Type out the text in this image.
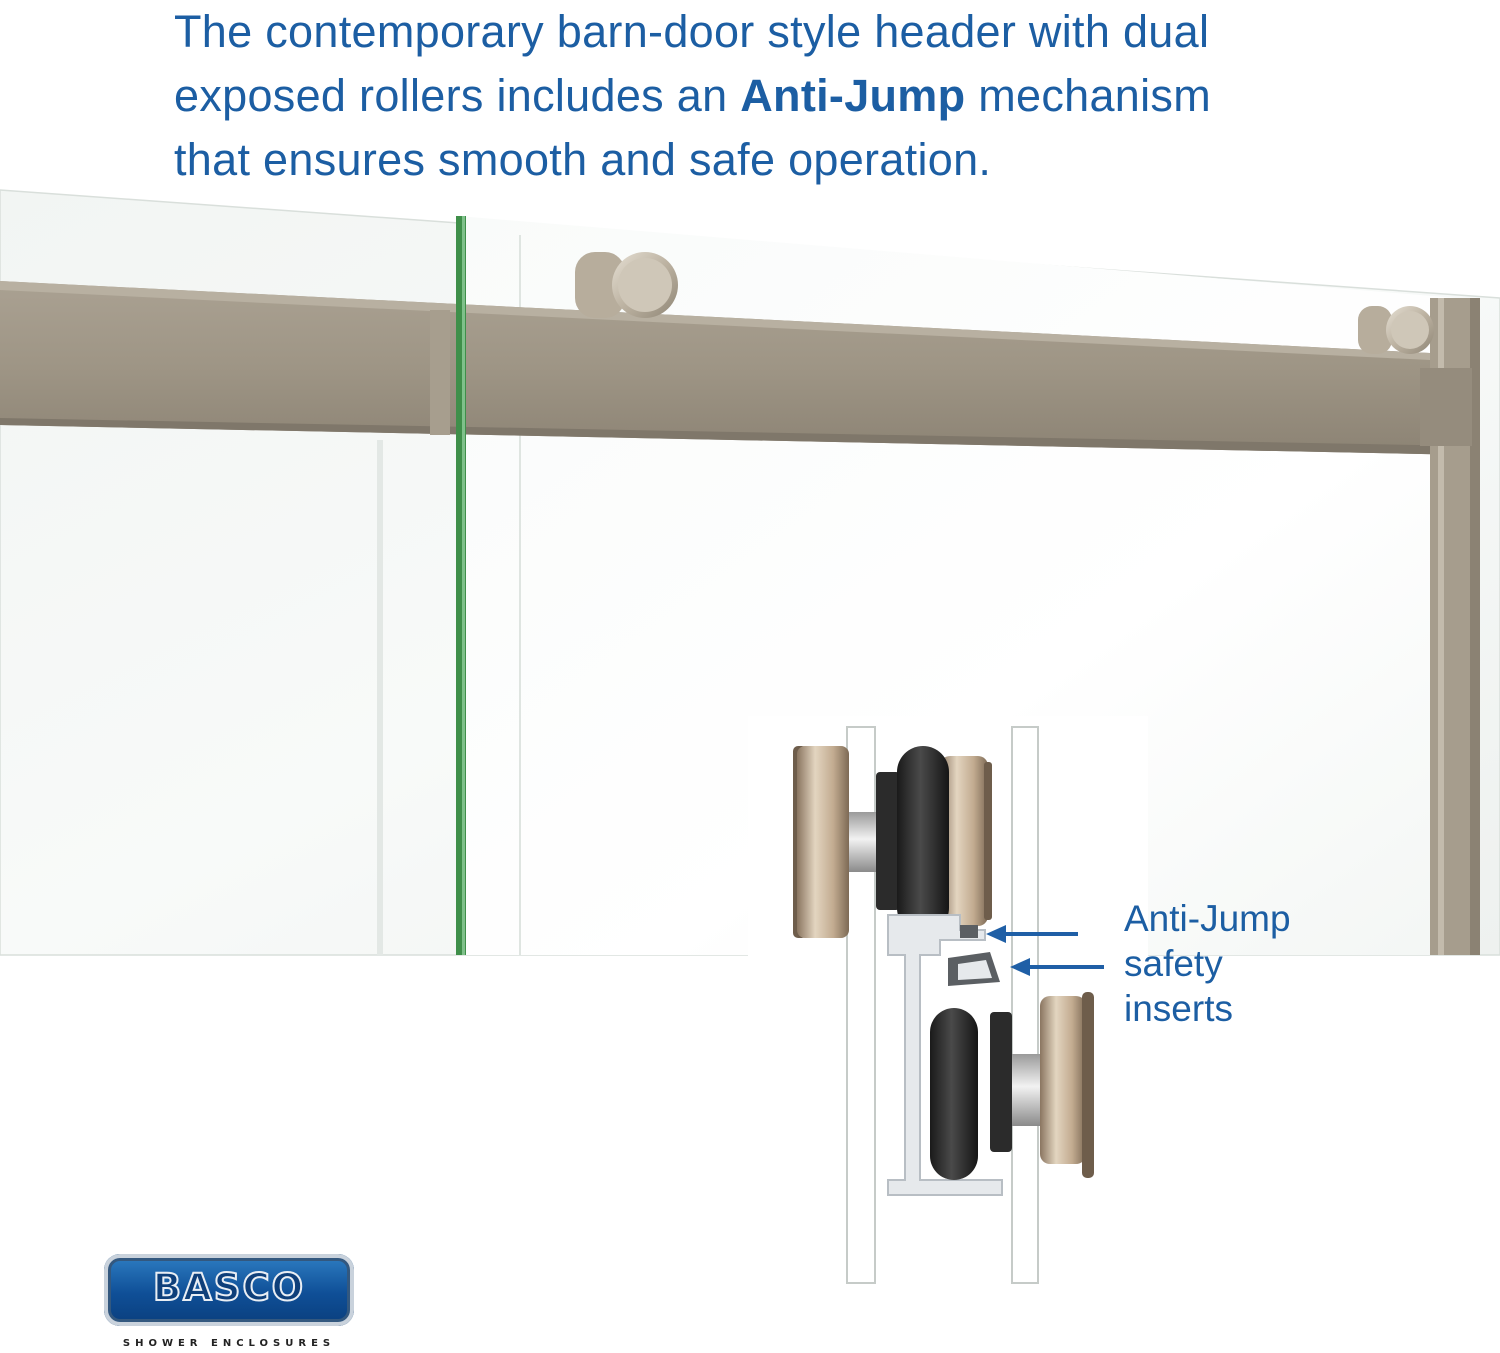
The contemporary barn-door style header with dual
exposed rollers includes an Anti-Jump mechanism
that ensures smooth and safe operation.
Anti-Jump
safety
inserts
BASCO
SHOWER ENCLOSURES
